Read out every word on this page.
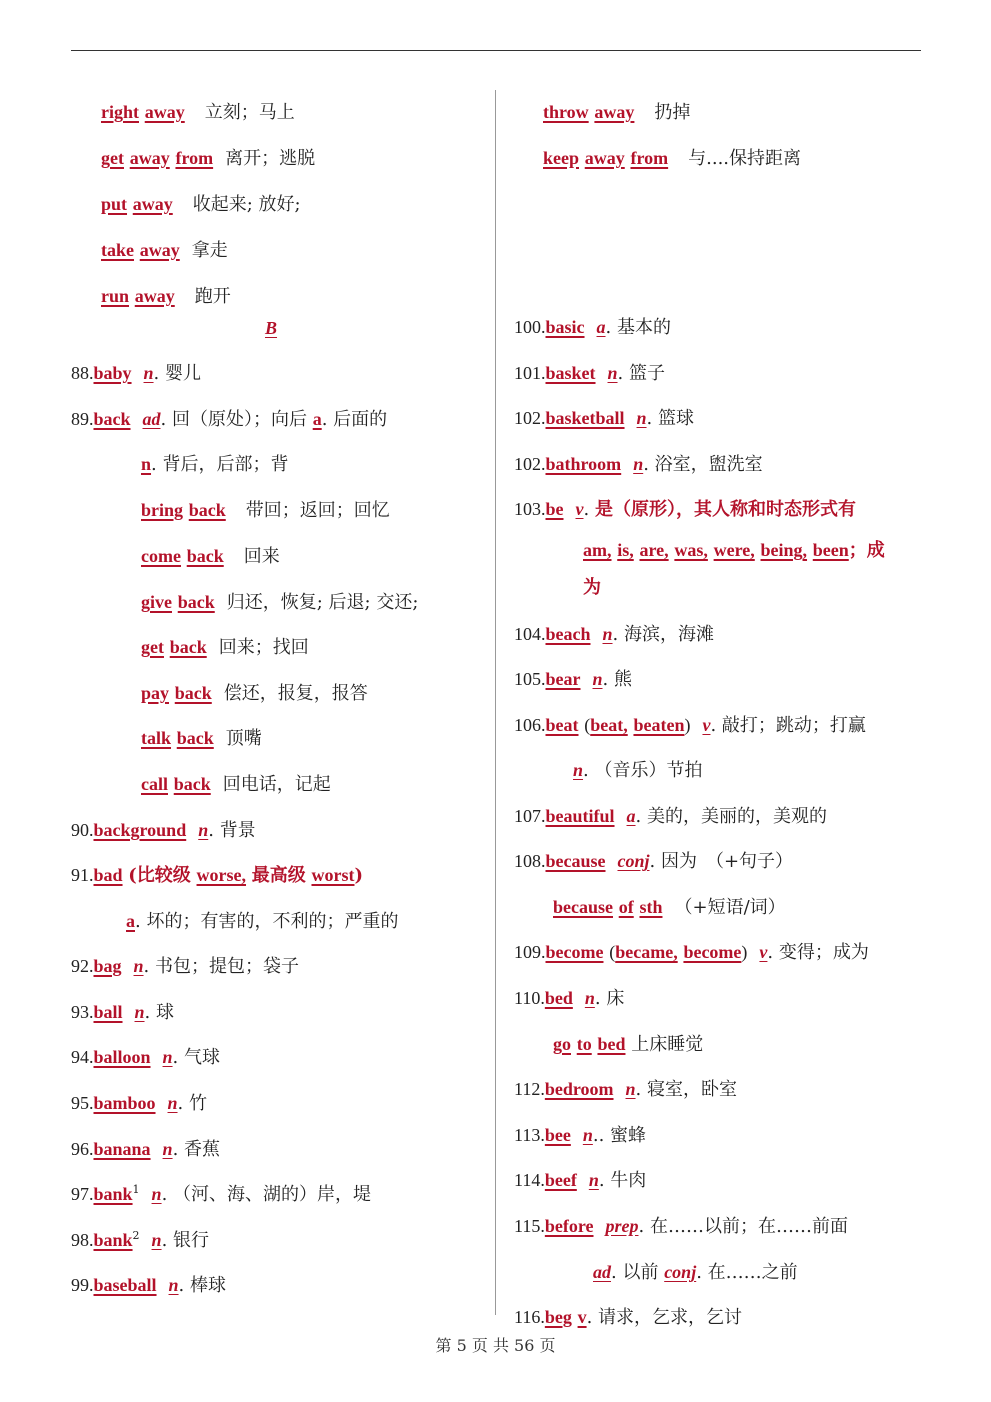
right away 立刻；马上
get away from 离开；逃脱
put away 收起来; 放好;
take away 拿走
run away 跑开
B
88.baby n. 婴儿
89.back ad. 回（原处）；向后 a. 后面的
n. 背后，后部；背
bring back 带回；返回；回忆
come back 回来
give back 归还，恢复; 后退; 交还;
get back 回来；找回
pay back 偿还，报复，报答
talk back 顶嘴
call back 回电话，记起
90.background n. 背景
91.bad (比较级 worse, 最高级 worst)
a. 坏的；有害的，不利的；严重的
92.bag n. 书包；提包；袋子
93.ball n. 球
94.balloon n. 气球
95.bamboo n. 竹
96.banana n. 香蕉
97.bank$^1$ n. （河、海、湖的）岸，堤
98.bank$^2$ n. 银行
99.baseball n. 棒球
throw away 扔掉
keep away from 与....保持距离
100.basic a. 基本的
101.basket n. 篮子
102.basketball n. 篮球
102.bathroom n. 浴室，盥洗室
103.be v. 是（原形），其人称和时态形式有
am, is, are, was, were, being, been；成
为
104.beach n. 海滨，海滩
105.bear n. 熊
106.beat (beat, beaten) v. 敲打；跳动；打赢
n. （音乐）节拍
107.beautiful a. 美的，美丽的，美观的
108.because conj. 因为　（+句子）
because of sth （+短语/词）
109.become (became, become) v. 变得；成为
110.bed n. 床
go to bed 上床睡觉
112.bedroom n. 寝室，卧室
113.bee n.. 蜜蜂
114.beef n. 牛肉
115.before prep. 在……以前；在……前面
ad. 以前 conj. 在……之前
116.beg v. 请求，乞求，乞讨
第 5 页 共 56 页
